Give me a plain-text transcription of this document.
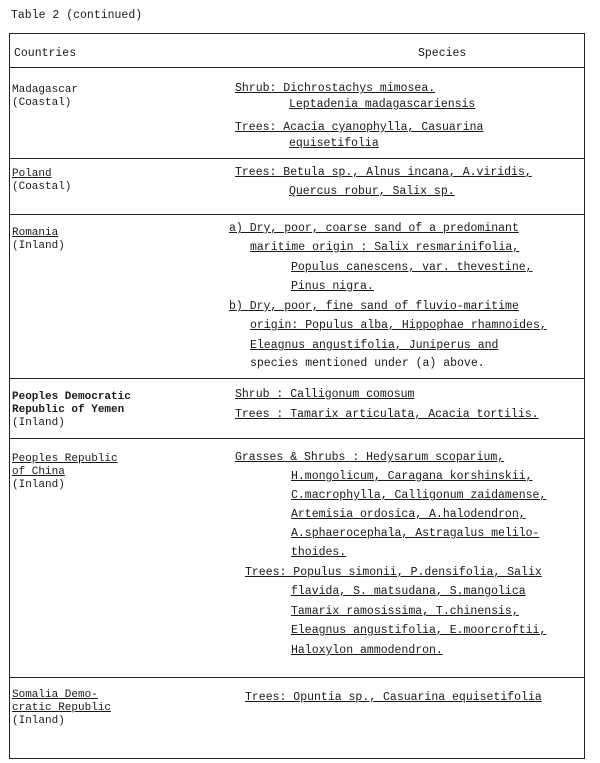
Table 2 (continued)
Countries	Species
Madagascar
(Coastal)
Shrub: Dichrostachys mimosea.
Leptadenia madagascariensis
Trees: Acacia cyanophylla, Casuarina
equisetifolia
Poland
(Coastal)
Trees: Betula sp., Alnus incana, A.viridis,
Quercus robur, Salix sp.
Romania
(Inland)
a) Dry, poor, coarse sand of a predominant
maritime origin : Salix resmarinifolia,
Populus canescens, var. thevestine,
Pinus nigra.
b) Dry, poor, fine sand of fluvio-maritime
origin: Populus alba, Hippophae rhamnoides,
Eleagnus angustifolia, Juniperus and
species mentioned under (a) above.
Peoples Democratic
Republic of Yemen
(Inland)
Shrub : Calligonum comosum
Trees : Tamarix articulata, Acacia tortilis.
Peoples Republic
of China
(Inland)
Grasses & Shrubs : Hedysarum scoparium,
H.mongolicum, Caragana korshinskii,
C.macrophylla, Calligonum zaidamense,
Artemisia ordosica, A.halodendron,
A.sphaerocephala, Astragalus melilo-
thoides.
Trees: Populus simonii, P.densifolia, Salix
flavida, S. matsudana, S.mangolica
Tamarix ramosissima, T.chinensis,
Eleagnus angustifolia, E.moorcroftii,
Haloxylon ammodendron.
Somalia Demo-
cratic Republic
(Inland)
Trees: Opuntia sp., Casuarina equisetifolia
